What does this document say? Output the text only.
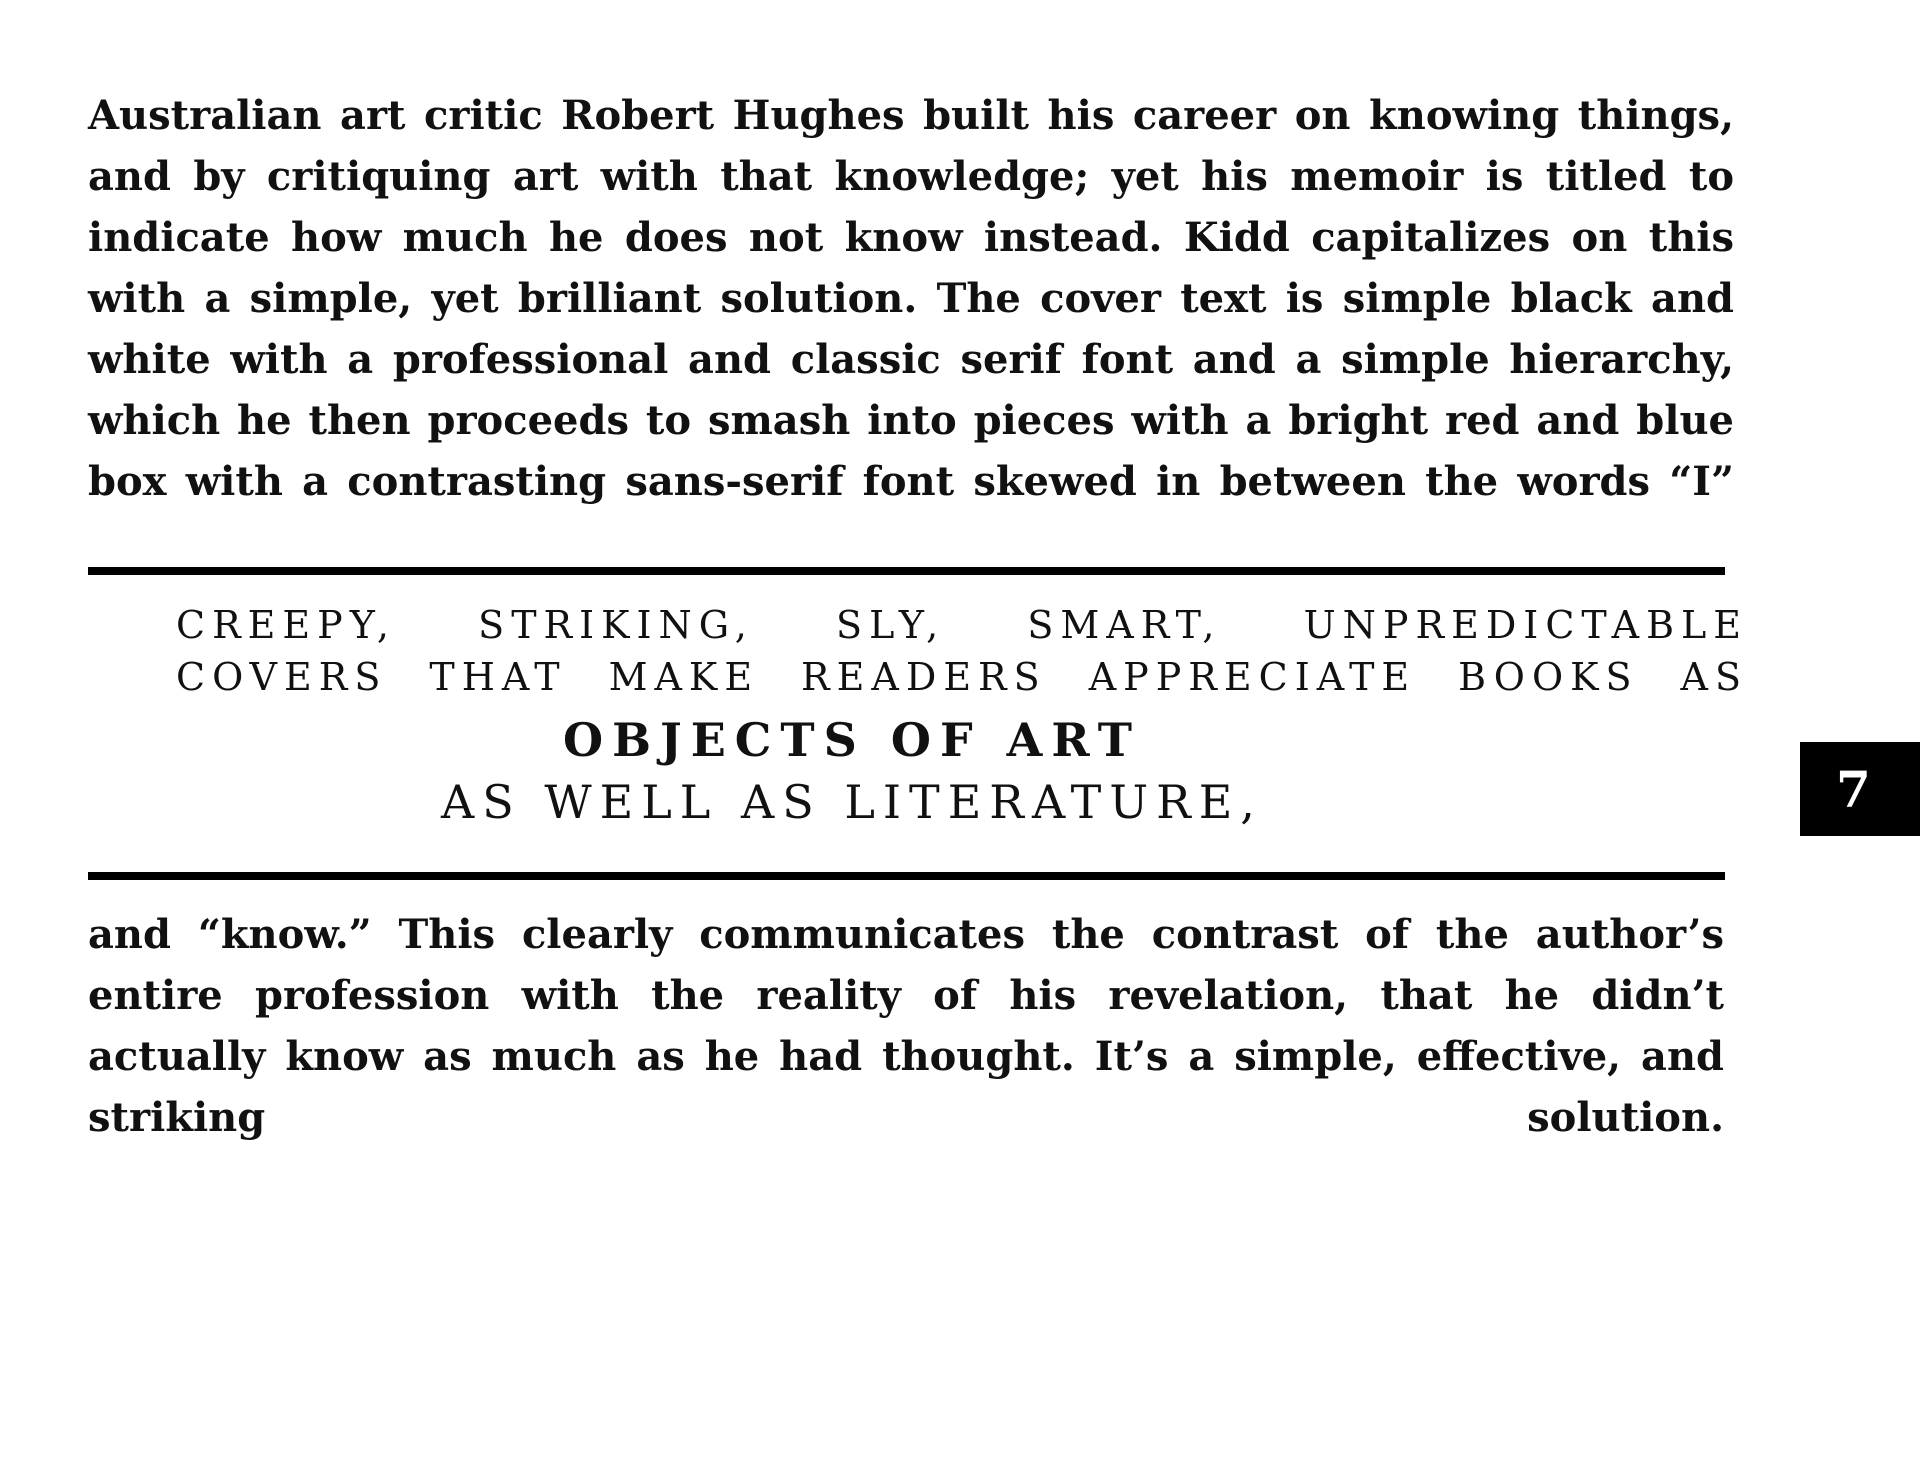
Australian art critic Robert Hughes built his career on knowing things, and by critiquing art with that knowledge; yet his memoir is titled to indicate how much he does not know instead. Kidd capitalizes on this with a simple, yet brilliant solution. The cover text is simple black and white with a professional and classic serif font and a simple hierarchy, which he then proceeds to smash into pieces with a bright red and blue box with a contrasting sans-serif font skewed in between the words “I”

CREEPY, STRIKING, SLY, SMART, UNPREDICTABLE
COVERS THAT MAKE READERS APPRECIATE BOOKS AS
OBJECTS OF ART
AS WELL AS LITERATURE,

and “know.” This clearly communicates the contrast of the author’s entire profession with the reality of his revelation, that he didn’t actually know as much as he had thought. It’s a simple, effective, and striking solution.

7
